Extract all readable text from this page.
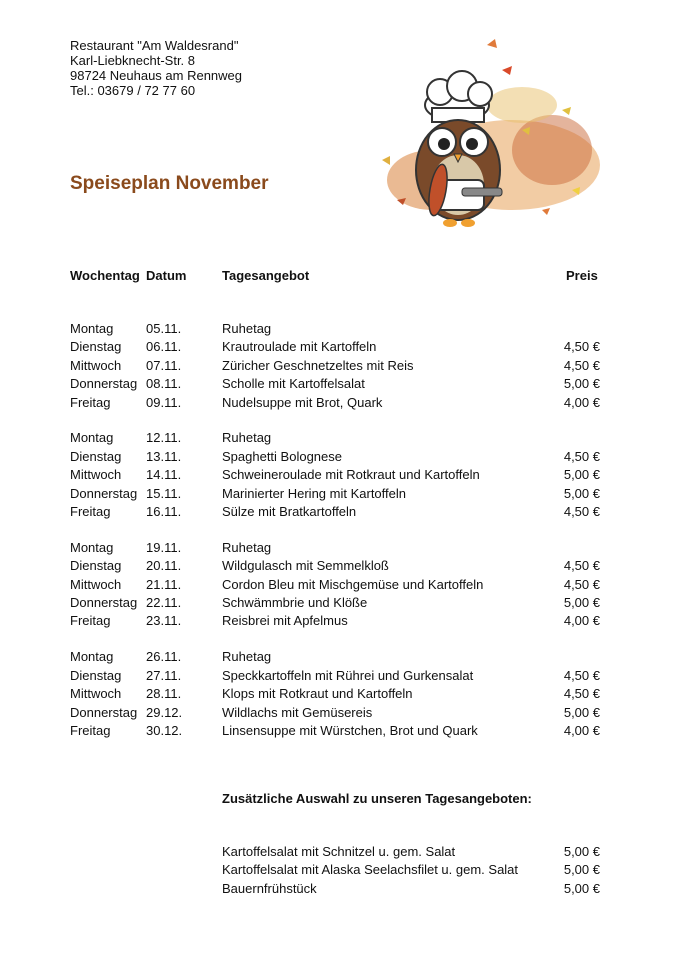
Restaurant "Am Waldesrand"
Karl-Liebknecht-Str. 8
98724 Neuhaus am Rennweg
Tel.: 03679 / 72 77 60
Speiseplan November
Wochentag Datum	Tagesangebot	Preis
Montag	05.11.	Ruhetag
Dienstag 06.11.	Krautroulade mit Kartoffeln	4,50 €
Mittwoch 07.11.	Züricher Geschnetzeltes mit Reis	4,50 €
Donnerstag 08.11.	Scholle mit Kartoffelsalat	5,00 €
Freitag	09.11.	Nudelsuppe mit Brot, Quark	4,00 €
Montag	12.11.	Ruhetag
Dienstag 13.11.	Spaghetti Bolognese	4,50 €
Mittwoch 14.11.	Schweineroulade mit Rotkraut und Kartoffeln	5,00 €
Donnerstag 15.11.	Marinierter Hering mit Kartoffeln	5,00 €
Freitag	16.11.	Sülze mit Bratkartoffeln	4,50 €
Montag	19.11.	Ruhetag
Dienstag 20.11.	Wildgulasch mit Semmelkloß	4,50 €
Mittwoch 21.11.	Cordon Bleu mit Mischgemüse und Kartoffeln	4,50 €
Donnerstag 22.11.	Schwämmbrie und Klöße	5,00 €
Freitag	23.11.	Reisbrei mit Apfelmus	4,00 €
Montag	26.11.	Ruhetag
Dienstag 27.11.	Speckkartoffeln mit Rührei und Gurkensalat	4,50 €
Mittwoch 28.11.	Klops mit Rotkraut und Kartoffeln	4,50 €
Donnerstag 29.12.	Wildlachs mit Gemüsereis	5,00 €
Freitag	30.12.	Linsensuppe mit Würstchen, Brot und Quark	4,00 €
Zusätzliche Auswahl zu unseren Tagesangeboten:
Kartoffelsalat mit Schnitzel u. gem. Salat	5,00 €
Kartoffelsalat mit Alaska Seelachsfilet u. gem. Salat	5,00 €
Bauernfrühstück	5,00 €
